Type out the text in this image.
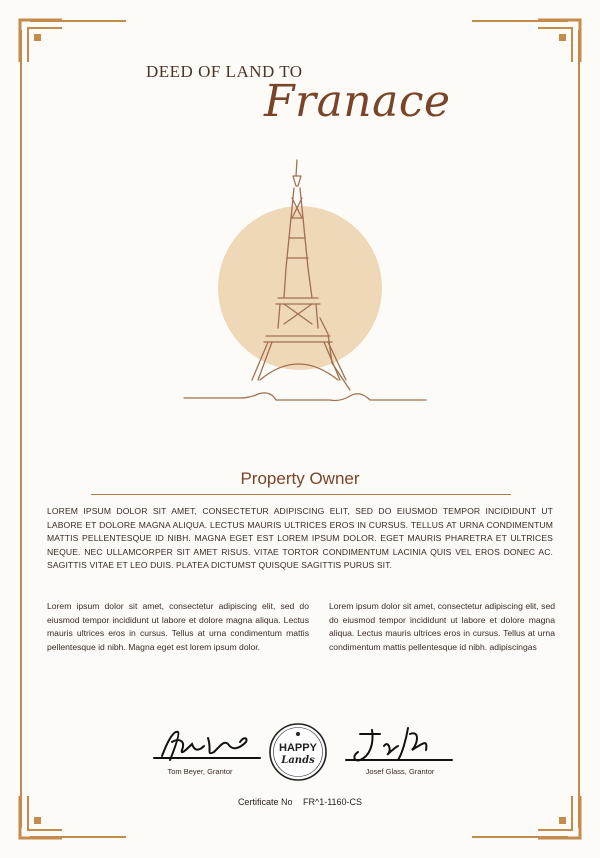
DEED OF LAND TO
Franace
Property Owner
LOREM IPSUM DOLOR SIT AMET, CONSECTETUR ADIPISCING ELIT, SED DO EIUSMOD TEMPOR INCIDIDUNT UT LABORE ET DOLORE MAGNA ALIQUA. LECTUS MAURIS ULTRICES EROS IN CURSUS. TELLUS AT URNA CONDIMENTUM MATTIS PELLENTESQUE ID NIBH. MAGNA EGET EST LOREM IPSUM DOLOR. EGET MAURIS PHARETRA ET ULTRICES NEQUE. NEC ULLAMCORPER SIT AMET RISUS. VITAE TORTOR CONDIMENTUM LACINIA QUIS VEL EROS DONEC AC. SAGITTIS VITAE ET LEO DUIS. PLATEA DICTUMST QUISQUE SAGITTIS PURUS SIT.
Lorem ipsum dolor sit amet, consectetur adipiscing elit, sed do eiusmod tempor incididunt ut labore et dolore magna aliqua. Lectus mauris ultrices eros in cursus. Tellus at urna condimentum mattis pellentesque id nibh. Magna eget est lorem ipsum dolor.
Lorem ipsum dolor sit amet, consectetur adipiscing elit, sed do eiusmod tempor incididunt ut labore et dolore magna aliqua. Lectus mauris ultrices eros in cursus. Tellus at urna condimentum mattis pellentesque id nibh. adipiscingas
Tom Beyer, Grantor	Josef Glass, Grantor
HAPPY
Lands
Certificate No FR^1-1160-CS
